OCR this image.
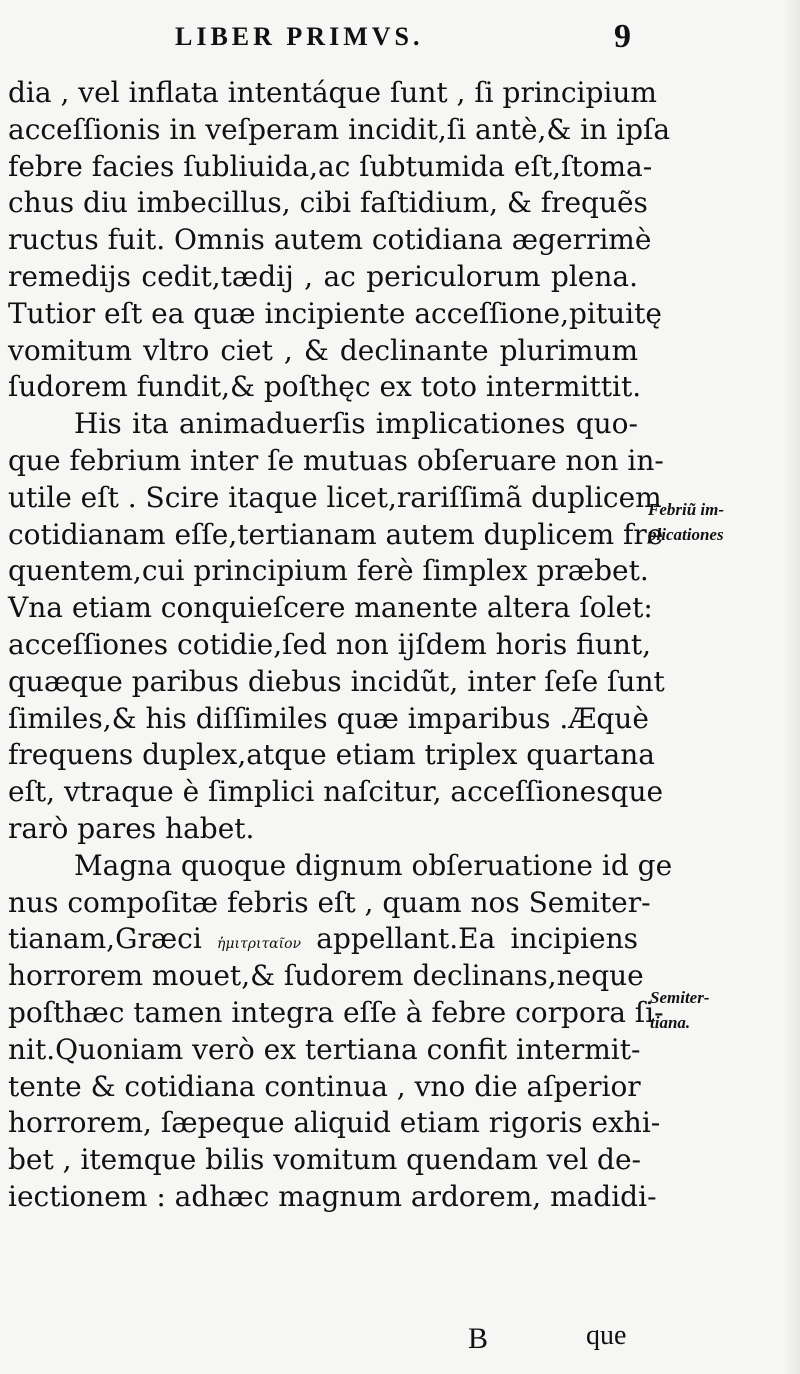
LIBER PRIMVS.	9
dia , vel inflata intentáque ſunt , ſi principium
acceſſionis in veſperam incidit,ſi antè,& in ipſa
febre facies ſubliuida,ac ſubtumida eſt,ſtoma-
chus diu imbecillus, cibi faſtidium, & frequẽs
ructus fuit. Omnis autem cotidiana ægerrimè
remedijs cedit,tædij , ac periculorum plena.
Tutior eſt ea quæ incipiente acceſſione,pituitę
vomitum vltro ciet , & declinante plurimum
ſudorem fundit,& poſthęc ex toto intermittit.
His ita animaduerſis implicationes quo-
que febrium inter ſe mutuas obſeruare non in-
utile eſt . Scire itaque licet,rariſſimã duplicem
cotidianam eſſe,tertianam autem duplicem fre
quentem,cui principium ferè ſimplex præbet.
Vna etiam conquieſcere manente altera ſolet:
acceſſiones cotidie,ſed non ijſdem horis fiunt,
quæque paribus diebus incidũt, inter ſeſe ſunt
ſimiles,& his diſſimiles quæ imparibus .Æquè
frequens duplex,atque etiam triplex quartana
eſt, vtraque è ſimplici naſcitur, acceſſionesque
rarò pares habet.
Magna quoque dignum obſeruatione id ge
nus compoſitæ febris eſt , quam nos Semiter-
tianam,Græci ἡμιτριταῖον appellant.Ea incipiens
horrorem mouet,& ſudorem declinans,neque
poſthæc tamen integra eſſe à febre corpora ſi-
nit.Quoniam verò ex tertiana confit intermit-
tente & cotidiana continua , vno die aſperior
horrorem, ſæpeque aliquid etiam rigoris exhi-
bet , itemque bilis vomitum quendam vel de-
iectionem : adhæc magnum ardorem, madidi-
Febriũ im-
plicationes
Semiter-
tiana.
B	que
